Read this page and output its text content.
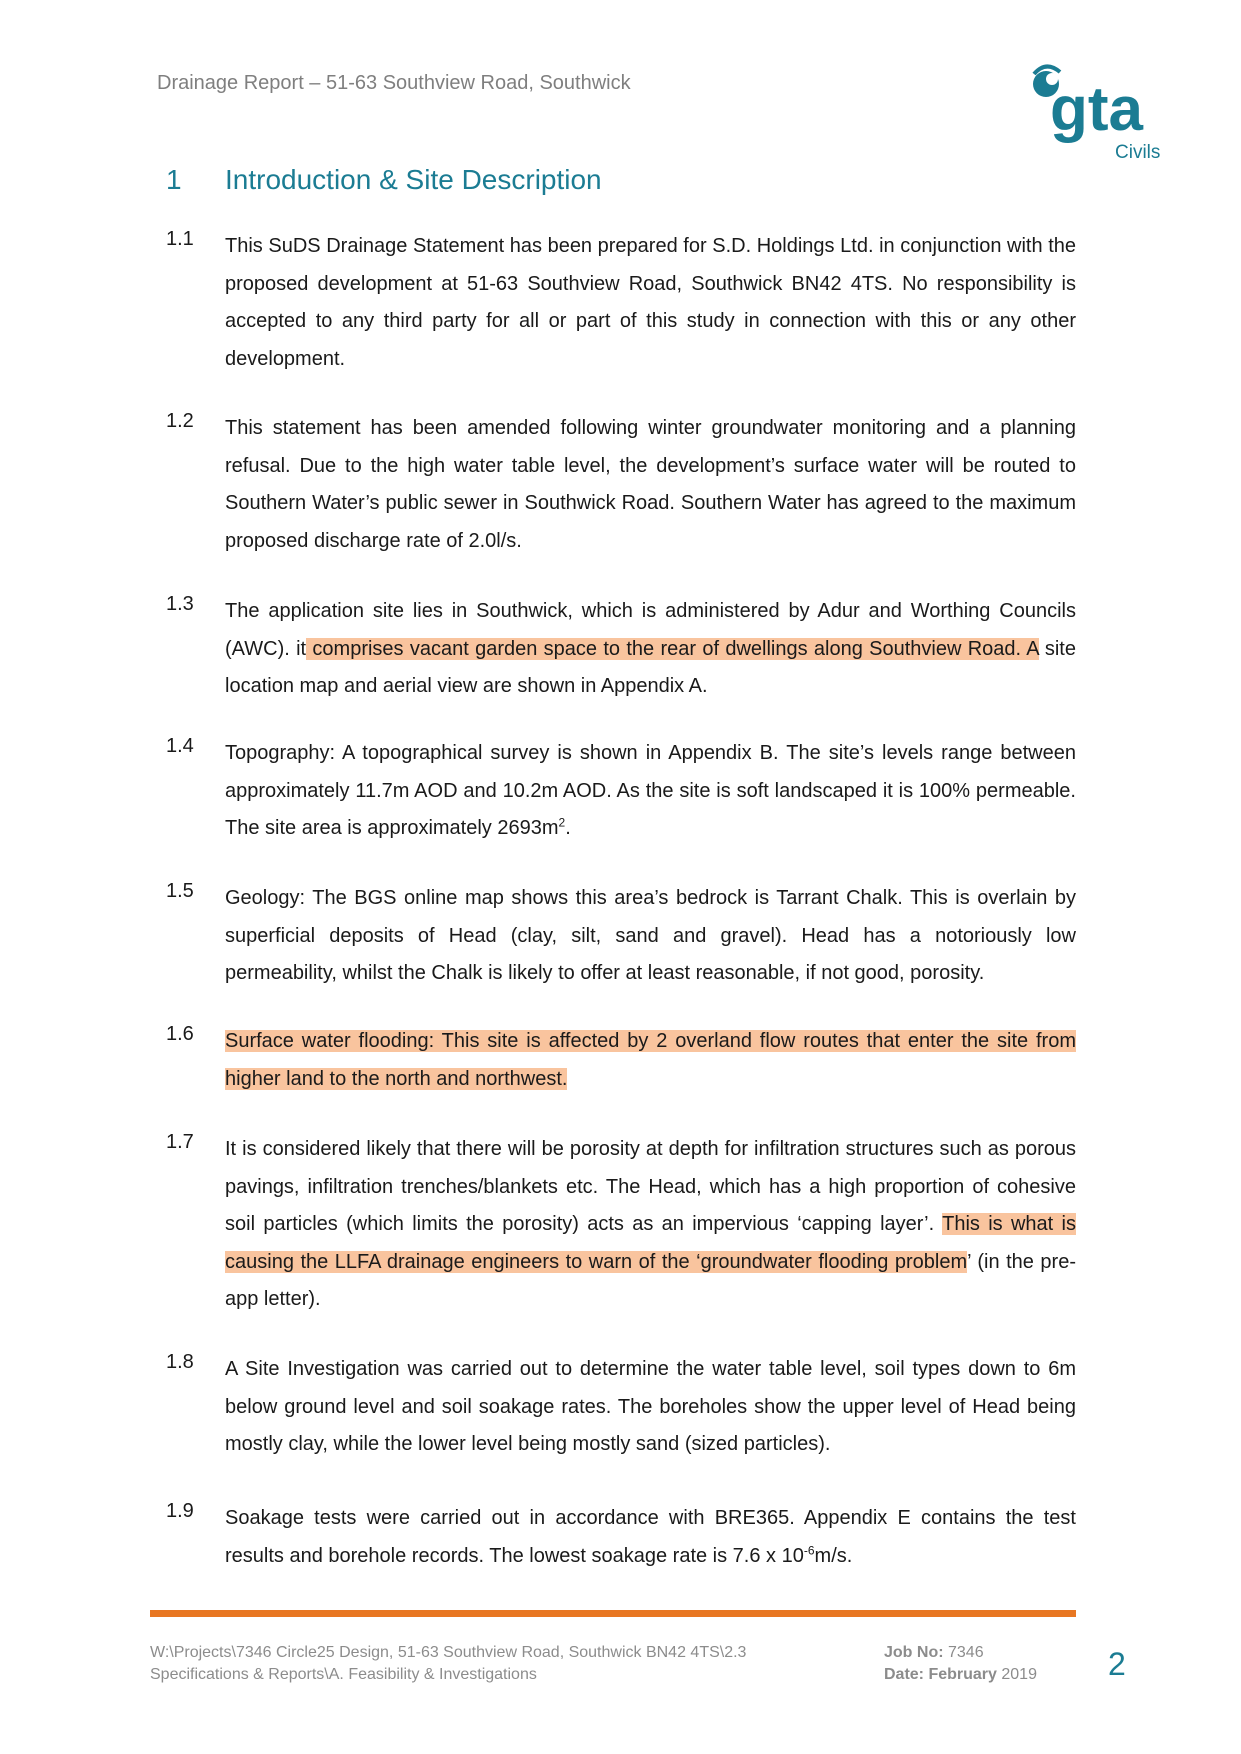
Drainage Report – 51-63 Southview Road, Southwick	gta
Civils
1 Introduction & Site Description
1.1 This SuDS Drainage Statement has been prepared for S.D. Holdings Ltd. in conjunction with the proposed development at 51-63 Southview Road, Southwick BN42 4TS. No responsibility is accepted to any third party for all or part of this study in connection with this or any other development.
1.2 This statement has been amended following winter groundwater monitoring and a planning refusal. Due to the high water table level, the development’s surface water will be routed to Southern Water’s public sewer in Southwick Road. Southern Water has agreed to the maximum proposed discharge rate of 2.0l/s.
1.3 The application site lies in Southwick, which is administered by Adur and Worthing Councils (AWC). it comprises vacant garden space to the rear of dwellings along Southview Road. A site location map and aerial view are shown in Appendix A.
1.4 Topography: A topographical survey is shown in Appendix B. The site’s levels range between approximately 11.7m AOD and 10.2m AOD. As the site is soft landscaped it is 100% permeable. The site area is approximately $2693m^2$.
1.5 Geology: The BGS online map shows this area’s bedrock is Tarrant Chalk. This is overlain by superficial deposits of Head (clay, silt, sand and gravel). Head has a notoriously low permeability, whilst the Chalk is likely to offer at least reasonable, if not good, porosity.
1.6 Surface water flooding: This site is affected by 2 overland flow routes that enter the site from higher land to the north and northwest.
1.7 It is considered likely that there will be porosity at depth for infiltration structures such as porous pavings, infiltration trenches/blankets etc. The Head, which has a high proportion of cohesive soil particles (which limits the porosity) acts as an impervious ‘capping layer’. This is what is causing the LLFA drainage engineers to warn of the ‘groundwater flooding problem’ (in the pre-app letter).
1.8 A Site Investigation was carried out to determine the water table level, soil types down to 6m below ground level and soil soakage rates. The boreholes show the upper level of Head being mostly clay, while the lower level being mostly sand (sized particles).
1.9 Soakage tests were carried out in accordance with BRE365. Appendix E contains the test results and borehole records. The lowest soakage rate is 7.6 x $10^{-6}m/s$.
W:\Projects\7346 Circle25 Design, 51-63 Southview Road, Southwick BN42 4TS\2.3
Specifications & Reports\A. Feasibility & Investigations
Job No: 7346
Date: February 2019 2
